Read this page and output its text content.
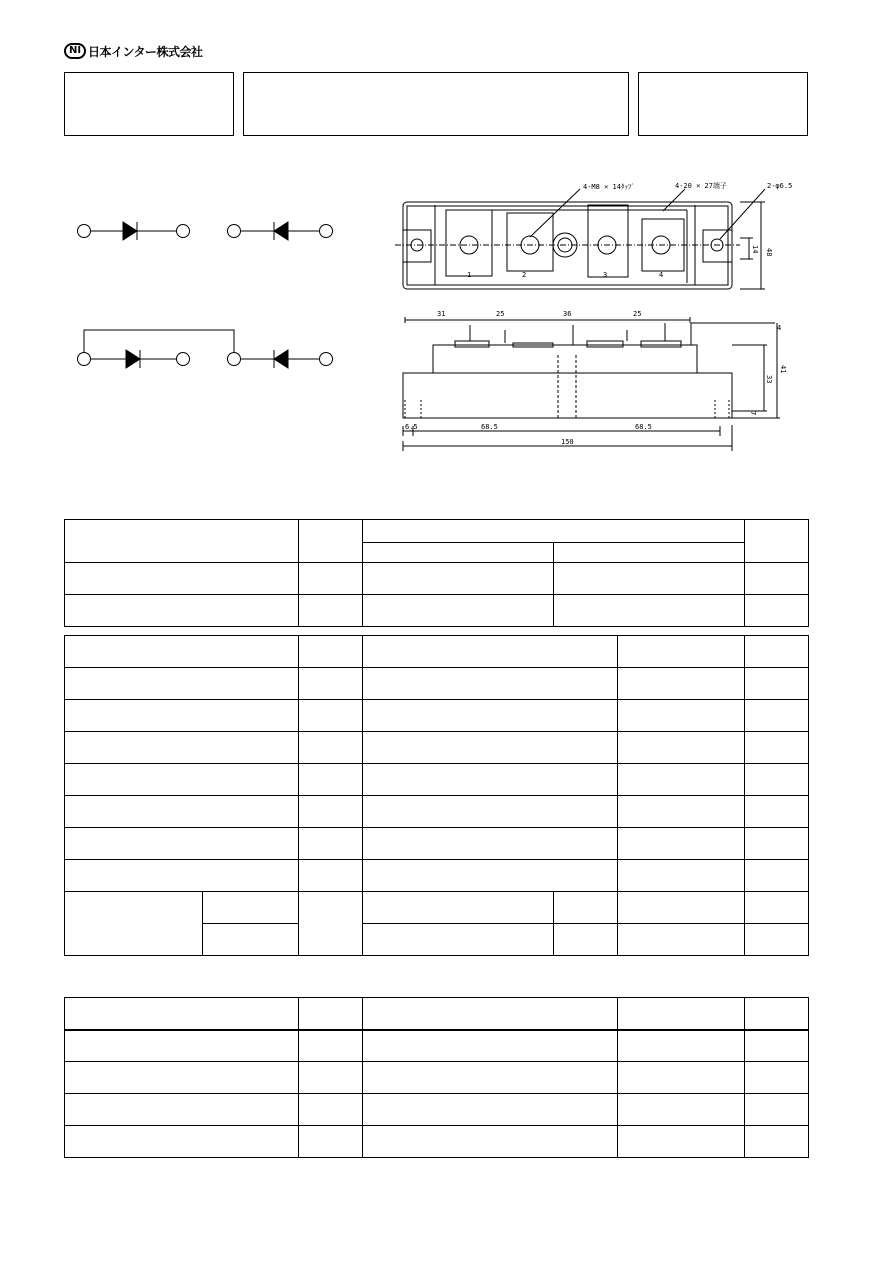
NI 日本インター株式会社
4-M8 × 14ﾀｯﾌﾟ	4-20 × 27端子	2-φ6.5
1	2	3	4
48
14
31	25	36	25
4
33
41
7
6.5	68.5	68.5
150
